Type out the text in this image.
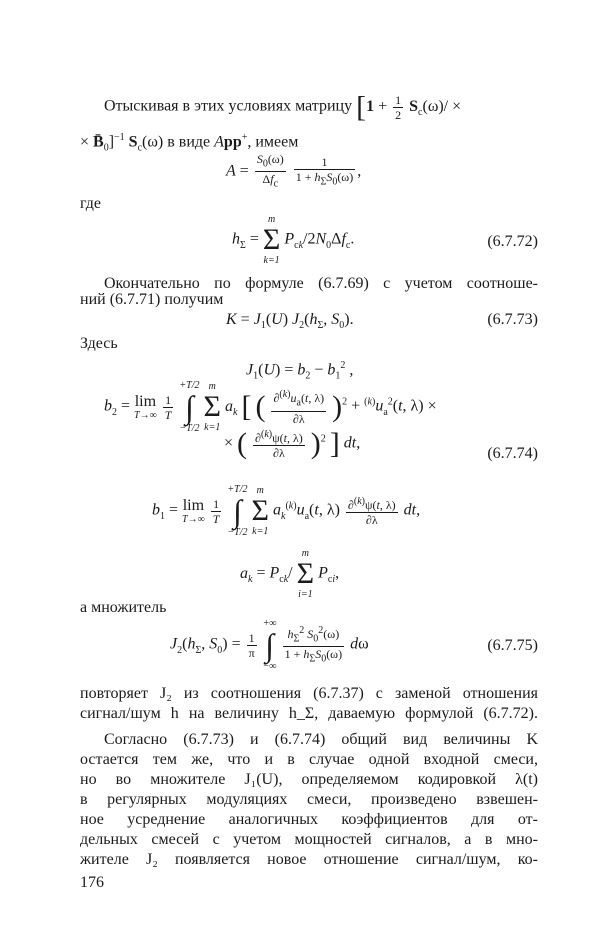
Отыскивая в этих условиях матрицу [$1 + \frac{1}{2} S_c(\omega)/$ ×
× $B̄_0]^{-1}$ $S_c(\omega)$ в виде App+, имеем
$A = \frac{S_0(\omega)}{\Delta f_c}$
$\frac{1}{1 + h_\Sigma S_0(\omega)}$ ,
где
$h_\Sigma$ =
m
Σ
k=1
$P_{ck}/2N_0\Delta f_c$.	(6.7.72)
Окончательно по формуле (6.7.69) с учетом соотноше-
ний (6.7.71) получим
$K = J_1(U)$ $J_2(h_\Sigma$, $S_0$).	(6.7.73)
Здесь
$J_1(U) = b_2 - b_1^2$ ,
$b_2 = \lim$
T→∞
$\frac{1}{T}$

+T/2
∫
−T/2

m
Σ
k=1
$a_k$ [ ( $\frac{\partial^{(k)}u_a(t, \lambda)}{\partial\lambda} )^2 + ^{(k)}u_a^2(t$, λ) ×
× ( $\frac{\partial^{(k)}\psi(t, \lambda)}{\partial\lambda} )^2$ ] dt,
(6.7.74)
$b_1 = \lim$
T→∞
$\frac{1}{T}$

+T/2
∫
−T/2

m
Σ
k=1
$a_k^{(k)}u_a(t$, $\lambda) \frac{\partial^{(k)}\psi(t, \lambda)}{\partial\lambda}$ dt,
$a_k = P_{ck}/$
m
Σ
i=1
$P_{ci}$,
а множитель
$J_2(h_\Sigma$, $S_0) = \frac{1}{\pi}$

+∞
∫
−∞

$\frac{h_\Sigma^2 S_0^2(\omega)}{1 + h_\Sigma S_0(\omega)}$ dω	(6.7.75)
повторяет J₂ из соотношения (6.7.37) с заменой отношения
сигнал/шум h на величину h_Σ, даваемую формулой (6.7.72).
Согласно (6.7.73) и (6.7.74) общий вид величины K
остается тем же, что и в случае одной входной смеси,
но во множителе J₁(U), определяемом кодировкой λ(t)
в регулярных модуляциях смеси, произведено взвешен-
ное усреднение аналогичных коэффициентов для от-
дельных смесей с учетом мощностей сигналов, а в мно-
жителе J₂ появляется новое отношение сигнал/шум, ко-
176
